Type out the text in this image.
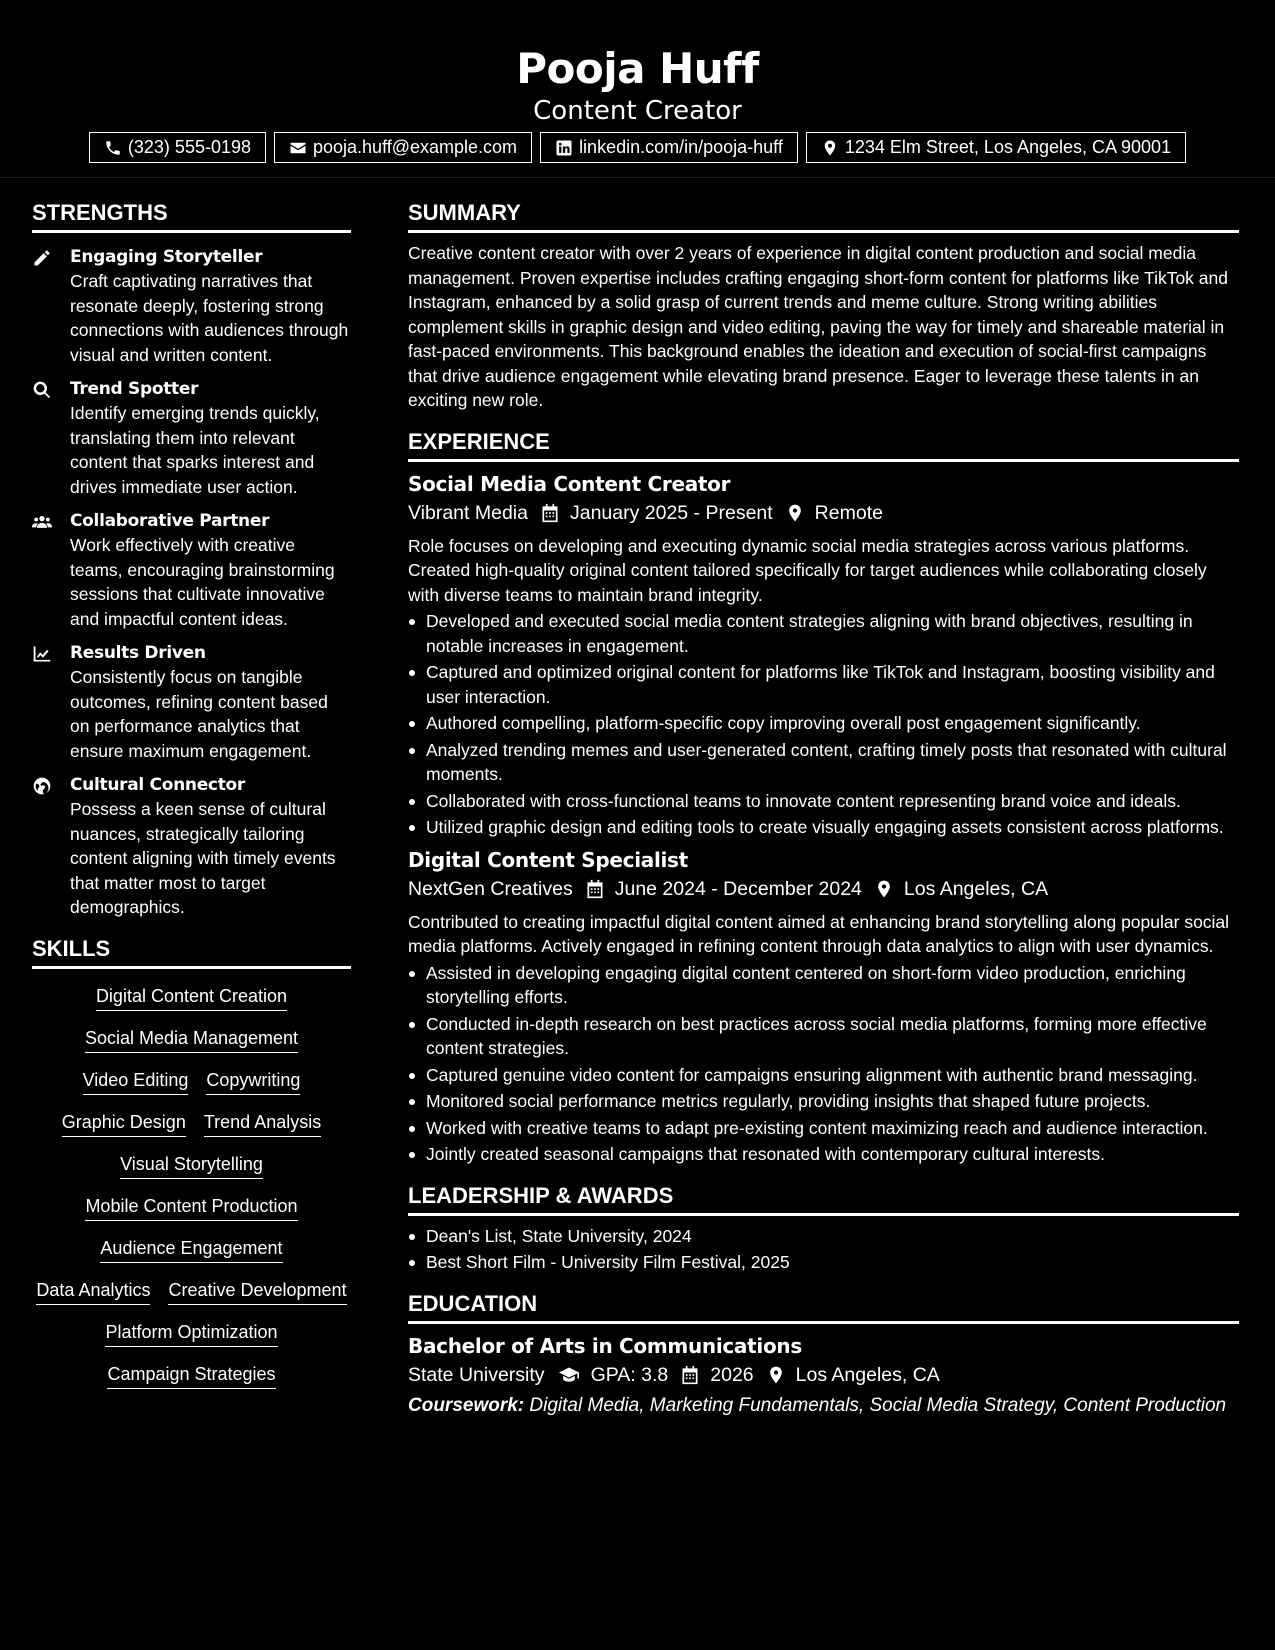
Pooja Huff
Content Creator
(323) 555-0198	pooja.huff@example.com	linkedin.com/in/pooja-huff	1234 Elm Street, Los Angeles, CA 90001
STRENGTHS
Engaging Storyteller
Craft captivating narratives that resonate deeply, fostering strong connections with audiences through visual and written content.
Trend Spotter
Identify emerging trends quickly, translating them into relevant content that sparks interest and drives immediate user action.
Collaborative Partner
Work effectively with creative teams, encouraging brainstorming sessions that cultivate innovative and impactful content ideas.
Results Driven
Consistently focus on tangible outcomes, refining content based on performance analytics that ensure maximum engagement.
Cultural Connector
Possess a keen sense of cultural nuances, strategically tailoring content aligning with timely events that matter most to target demographics.
SKILLS
Digital Content Creation
Social Media Management
Video Editing Copywriting
Graphic Design Trend Analysis
Visual Storytelling
Mobile Content Production
Audience Engagement
Data Analytics Creative Development
Platform Optimization
Campaign Strategies
SUMMARY
Creative content creator with over 2 years of experience in digital content production and social media management. Proven expertise includes crafting engaging short-form content for platforms like TikTok and Instagram, enhanced by a solid grasp of current trends and meme culture. Strong writing abilities complement skills in graphic design and video editing, paving the way for timely and shareable material in fast-paced environments. This background enables the ideation and execution of social-first campaigns that drive audience engagement while elevating brand presence. Eager to leverage these talents in an exciting new role.
EXPERIENCE
Social Media Content Creator
Vibrant Media January 2025 - Present Remote
Role focuses on developing and executing dynamic social media strategies across various platforms. Created high-quality original content tailored specifically for target audiences while collaborating closely with diverse teams to maintain brand integrity.
Developed and executed social media content strategies aligning with brand objectives, resulting in notable increases in engagement.
Captured and optimized original content for platforms like TikTok and Instagram, boosting visibility and user interaction.
Authored compelling, platform-specific copy improving overall post engagement significantly.
Analyzed trending memes and user-generated content, crafting timely posts that resonated with cultural moments.
Collaborated with cross-functional teams to innovate content representing brand voice and ideals.
Utilized graphic design and editing tools to create visually engaging assets consistent across platforms.
Digital Content Specialist
NextGen Creatives June 2024 - December 2024 Los Angeles, CA
Contributed to creating impactful digital content aimed at enhancing brand storytelling along popular social media platforms. Actively engaged in refining content through data analytics to align with user dynamics.
Assisted in developing engaging digital content centered on short-form video production, enriching storytelling efforts.
Conducted in-depth research on best practices across social media platforms, forming more effective content strategies.
Captured genuine video content for campaigns ensuring alignment with authentic brand messaging.
Monitored social performance metrics regularly, providing insights that shaped future projects.
Worked with creative teams to adapt pre-existing content maximizing reach and audience interaction.
Jointly created seasonal campaigns that resonated with contemporary cultural interests.
LEADERSHIP & AWARDS
Dean's List, State University, 2024
Best Short Film - University Film Festival, 2025
EDUCATION
Bachelor of Arts in Communications
State University GPA: 3.8 2026 Los Angeles, CA
Coursework: Digital Media, Marketing Fundamentals, Social Media Strategy, Content Production
